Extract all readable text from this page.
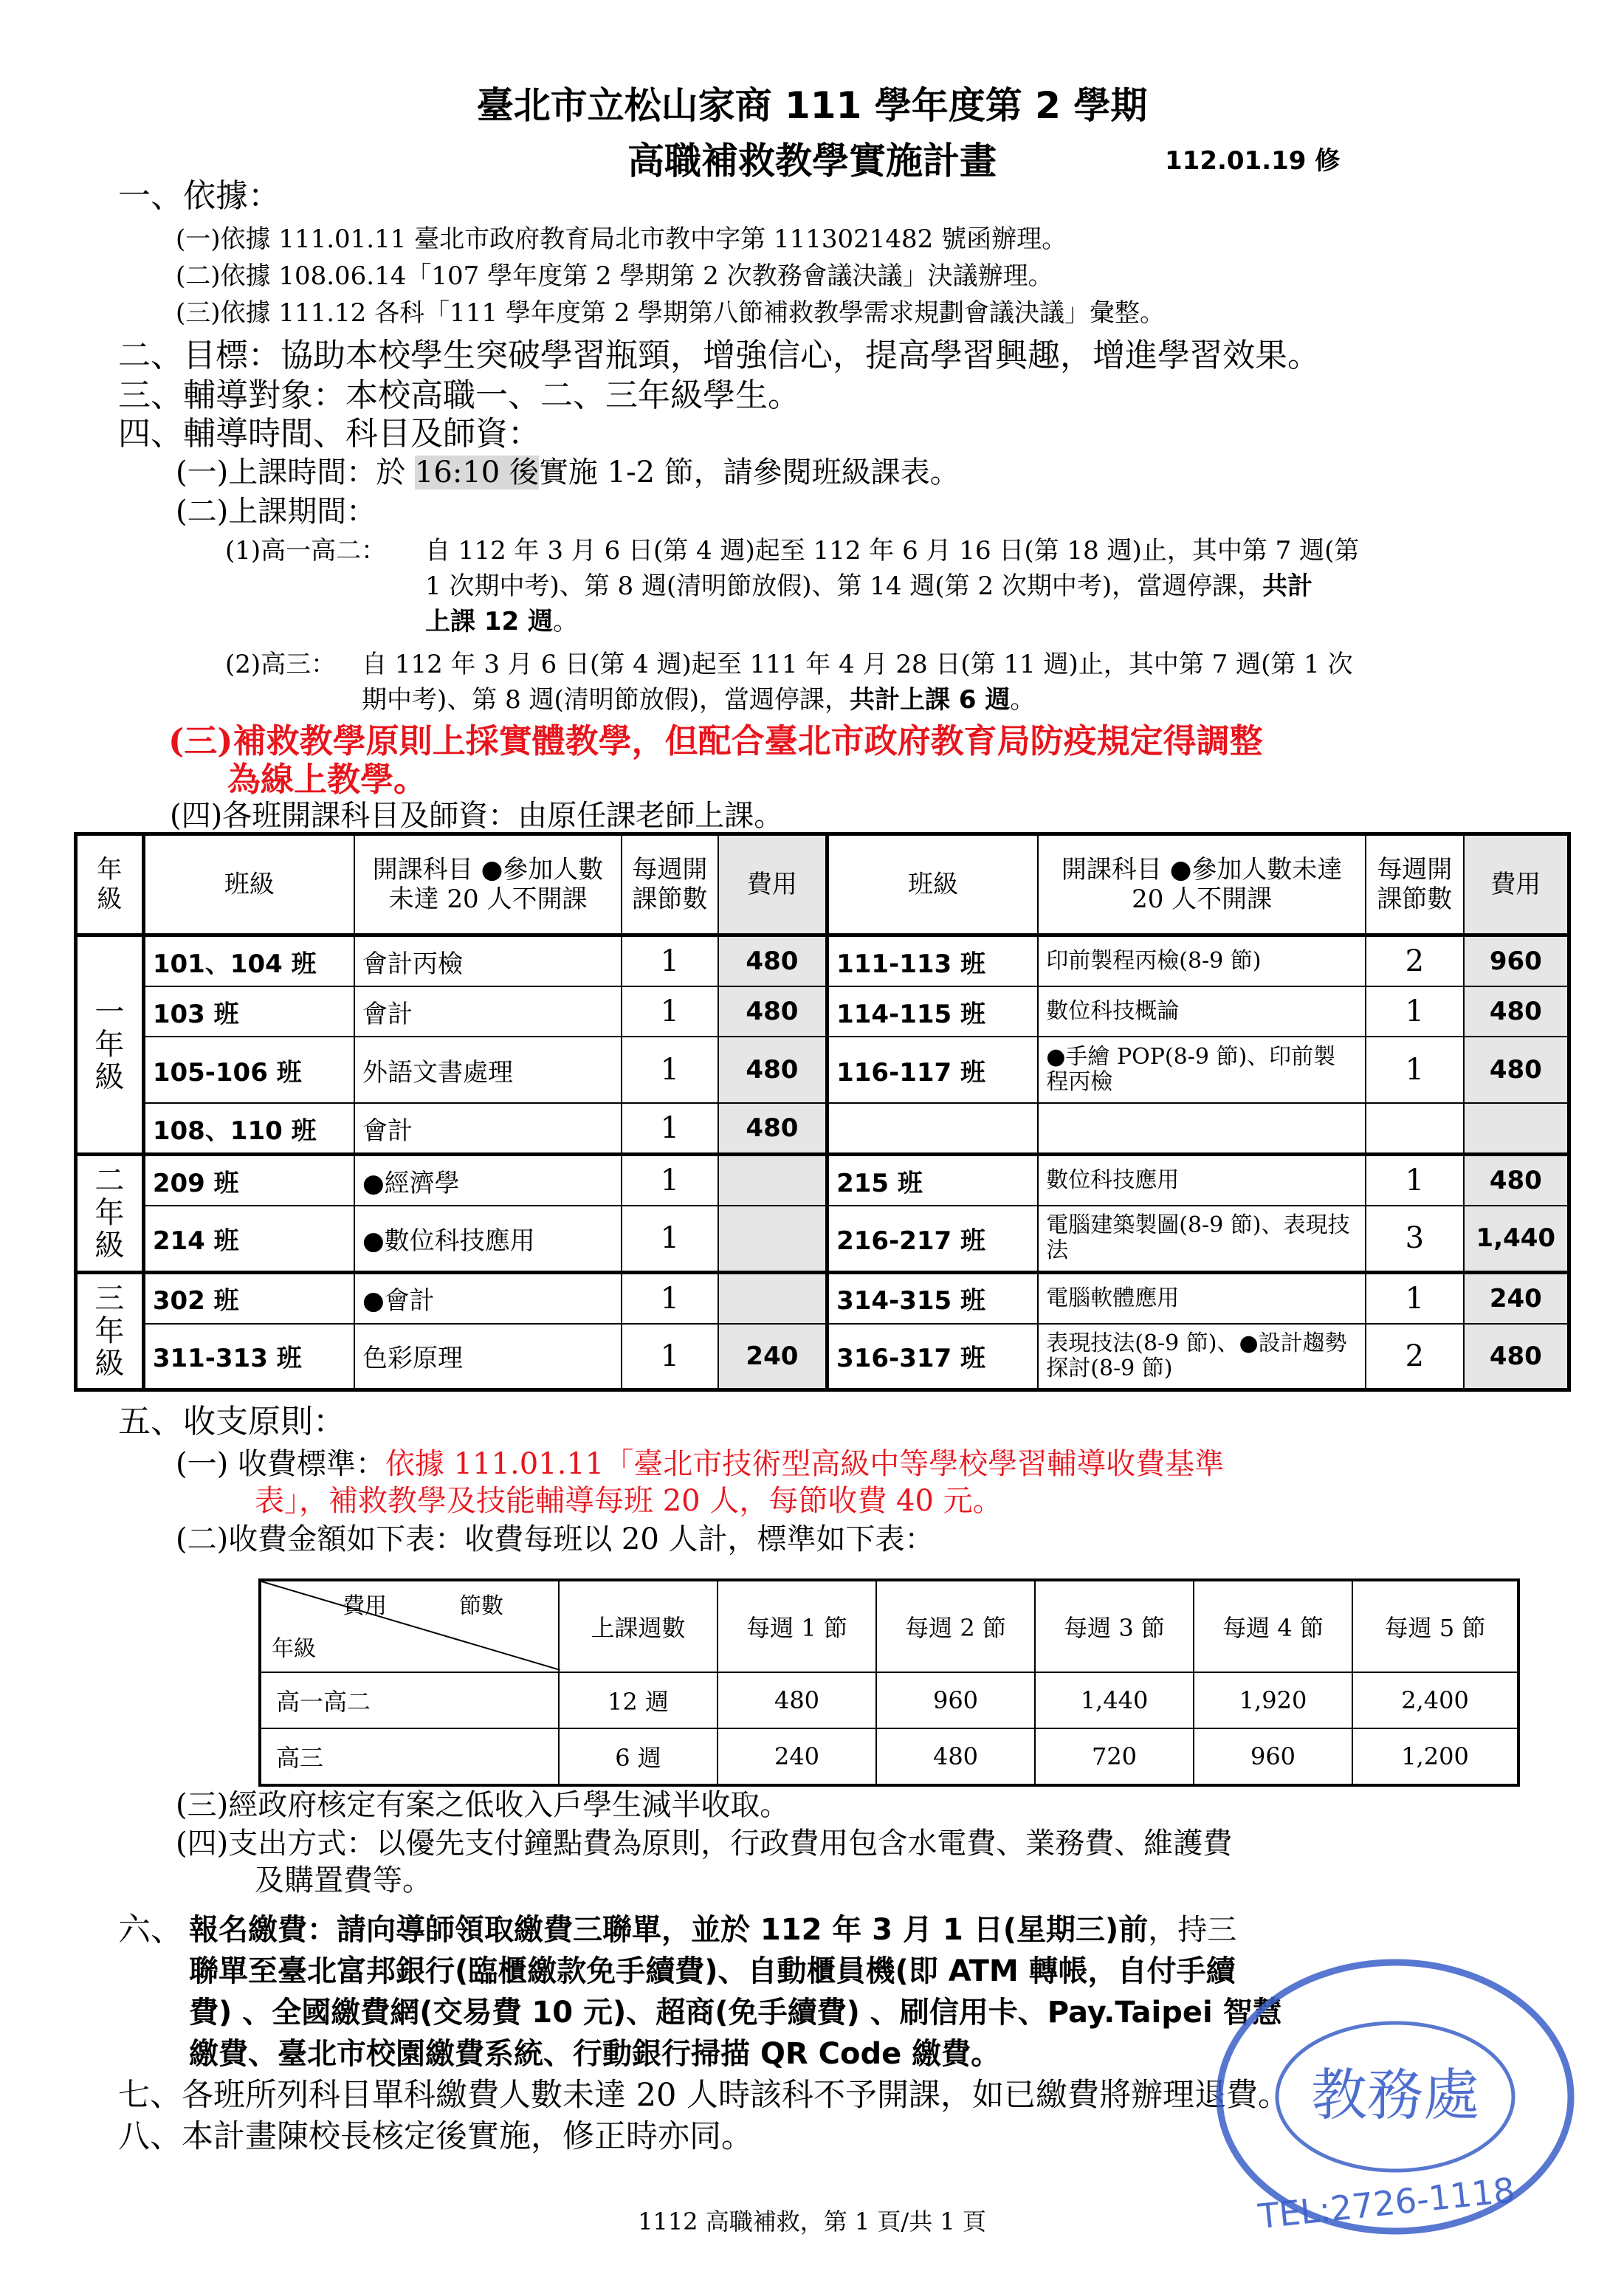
臺北市立松山家商 111 學年度第 2 學期
高職補救教學實施計畫	112.01.19 修
一、依據：
(一)依據 111.01.11 臺北市政府教育局北市教中字第 1113021482 號函辦理。
(二)依據 108.06.14「107 學年度第 2 學期第 2 次教務會議決議」決議辦理。
(三)依據 111.12 各科「111 學年度第 2 學期第八節補救教學需求規劃會議決議」彙整。
二、目標：協助本校學生突破學習瓶頸，增強信心，提高學習興趣，增進學習效果。
三、輔導對象：本校高職一、二、三年級學生。
四、輔導時間、科目及師資：
(一)上課時間：於 16:10 後實施 1-2 節，請參閱班級課表。
(二)上課期間：
(1)高一高二： 自 112 年 3 月 6 日(第 4 週)起至 112 年 6 月 16 日(第 18 週)止，其中第 7 週(第
1 次期中考)、第 8 週(清明節放假)、第 14 週(第 2 次期中考)，當週停課，共計
上課 12 週。
(2)高三： 自 112 年 3 月 6 日(第 4 週)起至 111 年 4 月 28 日(第 11 週)止，其中第 7 週(第 1 次
期中考)、第 8 週(清明節放假)，當週停課，共計上課 6 週。
(三)補救教學原則上採實體教學，但配合臺北市政府教育局防疫規定得調整
為線上教學。
(四)各班開課科目及師資：由原任課老師上課。
年級	班級	開課科目 ●參加人數未達 20 人不開課	每週開課節數	費用	班級	開課科目 ●參加人數未達 20 人不開課	每週開課節數	費用
一年級	101、104 班	會計丙檢	1	480	111-113 班	印前製程丙檢(8-9 節)	2	960
	103 班	會計	1	480	114-115 班	數位科技概論	1	480
	105-106 班	外語文書處理	1	480	116-117 班	●手繪 POP(8-9 節)、印前製程丙檢	1	480
	108、110 班	會計	1	480				
二年級	209 班	●經濟學	1		215 班	數位科技應用	1	480
	214 班	●數位科技應用	1		216-217 班	電腦建築製圖(8-9 節)、表現技法	3	1,440
三年級	302 班	●會計	1		314-315 班	電腦軟體應用	1	240
	311-313 班	色彩原理	1	240	316-317 班	表現技法(8-9 節)、●設計趨勢探討(8-9 節)	2	480
五、收支原則：
(一) 收費標準：依據 111.01.11「臺北市技術型高級中等學校學習輔導收費基準
表」，補救教學及技能輔導每班 20 人，每節收費 40 元。
(二)收費金額如下表：收費每班以 20 人計，標準如下表：
費用 節數
年級	上課週數	每週 1 節	每週 2 節	每週 3 節	每週 4 節	每週 5 節
高一高二	12 週	480	960	1,440	1,920	2,400
高三	6 週	240	480	720	960	1,200
(三)經政府核定有案之低收入戶學生減半收取。
(四)支出方式：以優先支付鐘點費為原則，行政費用包含水電費、業務費、維護費
及購置費等。
六、 報名繳費：請向導師領取繳費三聯單，並於 112 年 3 月 1 日(星期三)前，持三
聯單至臺北富邦銀行(臨櫃繳款免手續費)、自動櫃員機(即 ATM 轉帳，自付手續
費) 、全國繳費網(交易費 10 元)、超商(免手續費) 、刷信用卡、Pay.Taipei 智慧
繳費、臺北市校園繳費系統、行動銀行掃描 QR Code 繳費。
七、各班所列科目單科繳費人數未達 20 人時該科不予開課，如已繳費將辦理退費。
八、本計畫陳校長核定後實施，修正時亦同。
1112 高職補救，第 1 頁/共 1 頁
教務處
TEL:2726-1118
